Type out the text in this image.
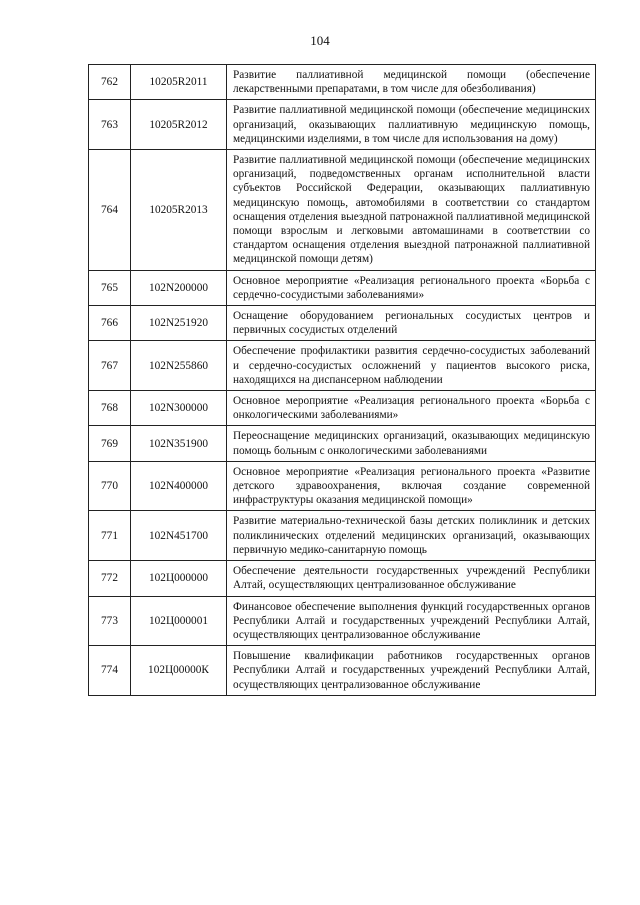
104
762	10205R2011	Развитие паллиативной медицинской помощи (обеспечение лекарственными препаратами, в том числе для обезболивания)
763	10205R2012	Развитие паллиативной медицинской помощи (обеспечение медицинских организаций, оказывающих паллиативную медицинскую помощь, медицинскими изделиями, в том числе для использования на дому)
764	10205R2013	Развитие паллиативной медицинской помощи (обеспечение медицинских организаций, подведомственных органам исполнительной власти субъектов Российской Федерации, оказывающих паллиативную медицинскую помощь, автомобилями в соответствии со стандартом оснащения отделения выездной патронажной паллиативной медицинской помощи взрослым и легковыми автомашинами в соответствии со стандартом оснащения отделения выездной патронажной паллиативной медицинской помощи детям)
765	102N200000	Основное мероприятие «Реализация регионального проекта «Борьба с сердечно-сосудистыми заболеваниями»
766	102N251920	Оснащение оборудованием региональных сосудистых центров и первичных сосудистых отделений
767	102N255860	Обеспечение профилактики развития сердечно-сосудистых заболеваний и сердечно-сосудистых осложнений у пациентов высокого риска, находящихся на диспансерном наблюдении
768	102N300000	Основное мероприятие «Реализация регионального проекта «Борьба с онкологическими заболеваниями»
769	102N351900	Переоснащение медицинских организаций, оказывающих медицинскую помощь больным с онкологическими заболеваниями
770	102N400000	Основное мероприятие «Реализация регионального проекта «Развитие детского здравоохранения, включая создание современной инфраструктуры оказания медицинской помощи»
771	102N451700	Развитие материально-технической базы детских поликлиник и детских поликлинических отделений медицинских организаций, оказывающих первичную медико-санитарную помощь
772	102Ц000000	Обеспечение деятельности государственных учреждений Республики Алтай, осуществляющих централизованное обслуживание
773	102Ц000001	Финансовое обеспечение выполнения функций государственных органов Республики Алтай и государственных учреждений Республики Алтай, осуществляющих централизованное обслуживание
774	102Ц00000К	Повышение квалификации работников государственных органов Республики Алтай и государственных учреждений Республики Алтай, осуществляющих централизованное обслуживание
